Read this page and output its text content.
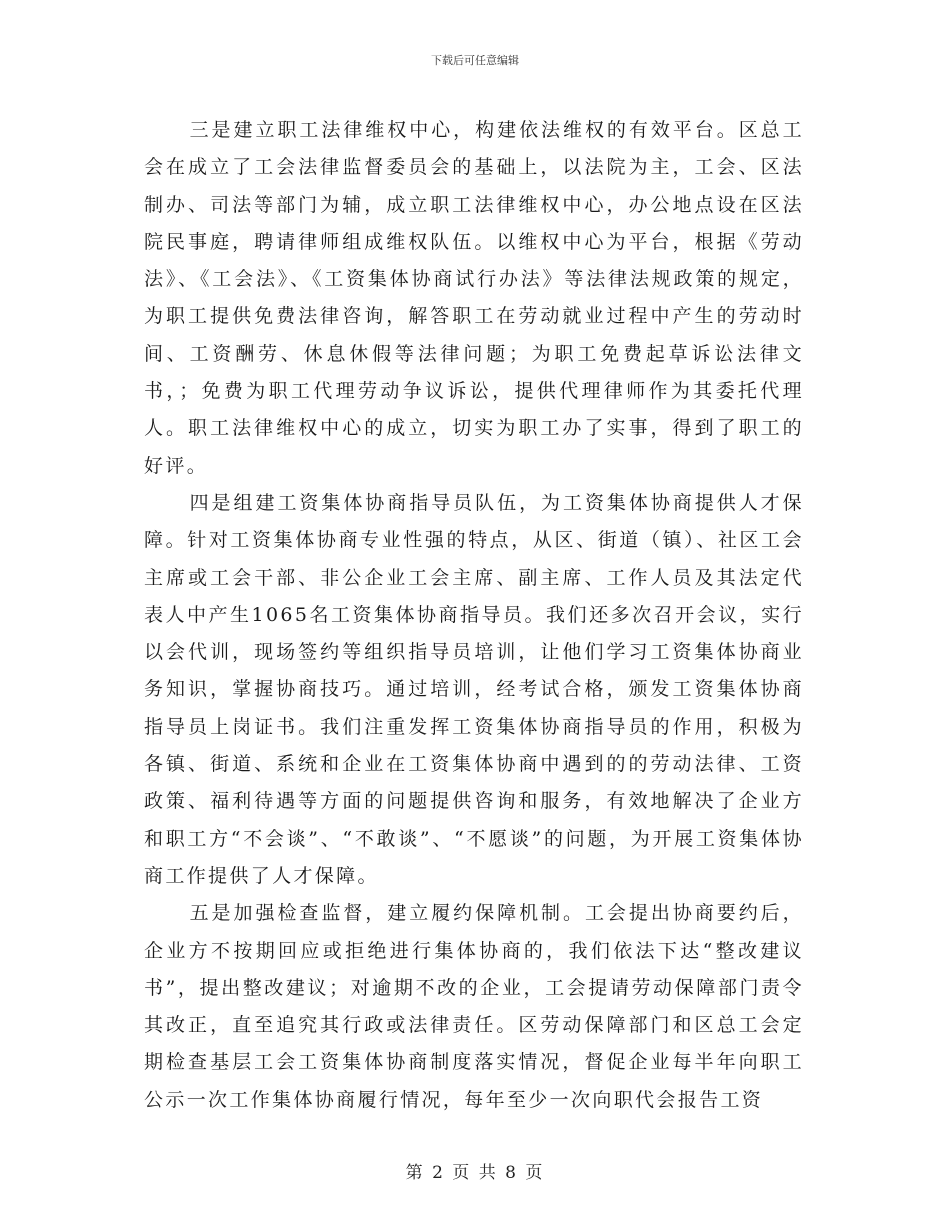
下载后可任意编辑

三是建立职工法律维权中心，构建依法维权的有效平台。区总工会在成立了工会法律监督委员会的基础上，以法院为主，工会、区法制办、司法等部门为辅，成立职工法律维权中心，办公地点设在区法院民事庭，聘请律师组成维权队伍。以维权中心为平台，根据《劳动法》、《工会法》、《工资集体协商试行办法》等法律法规政策的规定，为职工提供免费法律咨询，解答职工在劳动就业过程中产生的劳动时间、工资酬劳、休息休假等法律问题；为职工免费起草诉讼法律文书，；免费为职工代理劳动争议诉讼，提供代理律师作为其委托代理人。职工法律维权中心的成立，切实为职工办了实事，得到了职工的好评。

四是组建工资集体协商指导员队伍，为工资集体协商提供人才保障。针对工资集体协商专业性强的特点，从区、街道（镇）、社区工会主席或工会干部、非公企业工会主席、副主席、工作人员及其法定代表人中产生1065名工资集体协商指导员。我们还多次召开会议，实行以会代训，现场签约等组织指导员培训，让他们学习工资集体协商业务知识，掌握协商技巧。通过培训，经考试合格，颁发工资集体协商指导员上岗证书。我们注重发挥工资集体协商指导员的作用，积极为各镇、街道、系统和企业在工资集体协商中遇到的的劳动法律、工资政策、福利待遇等方面的问题提供咨询和服务，有效地解决了企业方和职工方“不会谈”、“不敢谈”、“不愿谈”的问题，为开展工资集体协商工作提供了人才保障。

五是加强检查监督，建立履约保障机制。工会提出协商要约后，企业方不按期回应或拒绝进行集体协商的，我们依法下达“整改建议书”，提出整改建议；对逾期不改的企业，工会提请劳动保障部门责令其改正，直至追究其行政或法律责任。区劳动保障部门和区总工会定期检查基层工会工资集体协商制度落实情况，督促企业每半年向职工公示一次工作集体协商履行情况，每年至少一次向职代会报告工资

第 2 页 共 8 页
